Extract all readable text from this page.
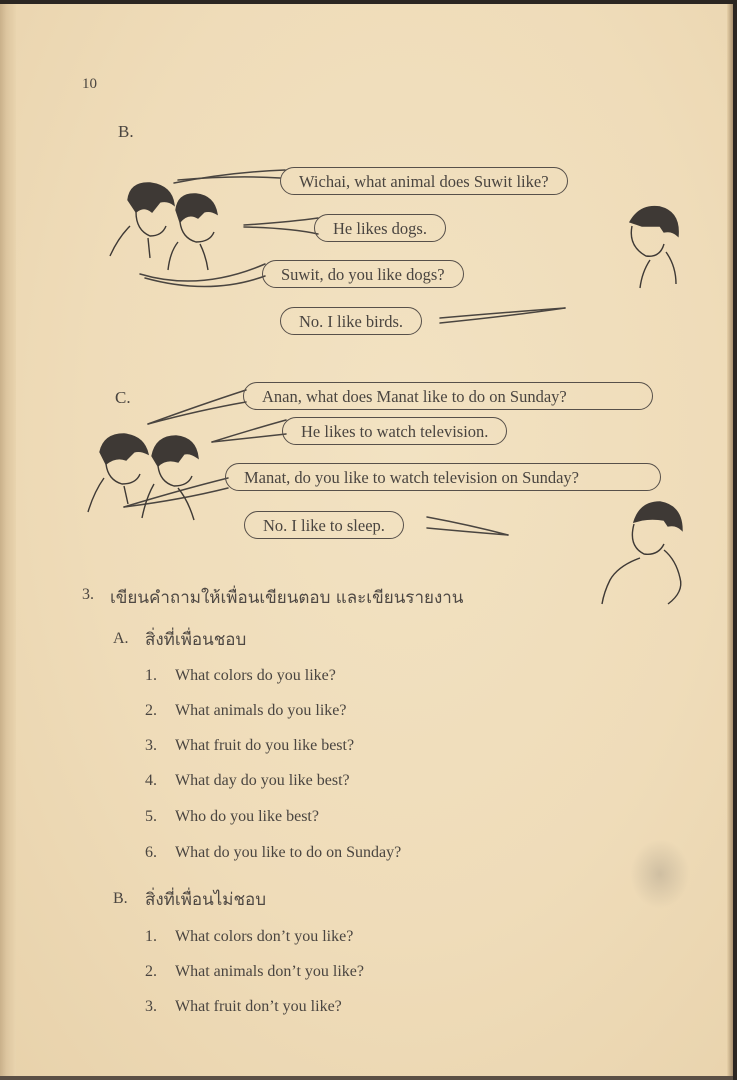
10
B.
Wichai, what animal does Suwit like?
He likes dogs.
Suwit, do you like dogs?
No. I like birds.
C.	Anan, what does Manat like to do on Sunday?
He likes to watch television.
Manat, do you like to watch television on Sunday?
No. I like to sleep.
3. เขียนคำถามให้เพื่อนเขียนตอบ และเขียนรายงาน
A. สิ่งที่เพื่อนชอบ
1. What colors do you like?
2. What animals do you like?
3. What fruit do you like best?
4. What day do you like best?
5. Who do you like best?
6. What do you like to do on Sunday?
B. สิ่งที่เพื่อนไม่ชอบ
1. What colors don’t you like?
2. What animals don’t you like?
3. What fruit don’t you like?
